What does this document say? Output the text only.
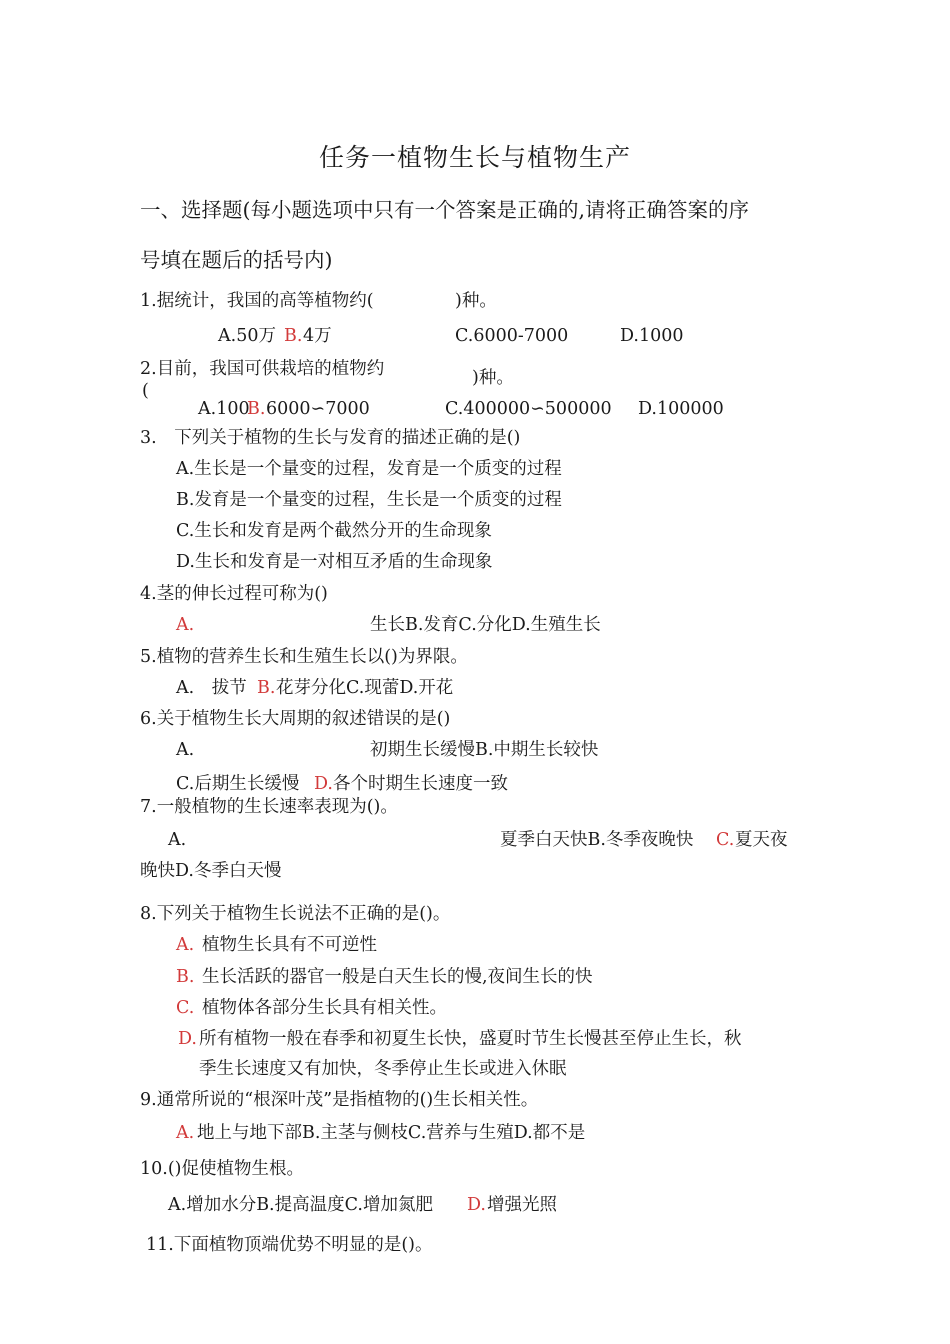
任务一植物生长与植物生产
一、选择题(每小题选项中只有一个答案是正确的,请将正确答案的序
号填在题后的括号内)
1.据统计，我国的高等植物约(	)种。
A.50万 B. 4万	C.6000-7000	D.1000
2.目前，我国可供栽培的植物约
(
)种。
A.100
B. 6000∽7000	C.400000∽500000 D.100000
3.　下列关于植物的生长与发育的描述正确的是()
A.生长是一个量变的过程，发育是一个质变的过程
B.发育是一个量变的过程，生长是一个质变的过程
C.生长和发育是两个截然分开的生命现象
D.生长和发育是一对相互矛盾的生命现象
4.茎的伸长过程可称为()
A.	生长B.发育C.分化D.生殖生长
5.植物的营养生长和生殖生长以()为界限。
A.　拔节 B. 花芽分化C.现蕾D.开花
6.关于植物生长大周期的叙述错误的是()
A.	初期生长缓慢B.中期生长较快
C.后期生长缓慢 D. 各个时期生长速度一致
7.一般植物的生长速率表现为()。
A.	夏季白天快B.冬季夜晚快 C. 夏天夜
晚快D.冬季白天慢
8.下列关于植物生长说法不正确的是()。
A. 植物生长具有不可逆性
B. 生长活跃的器官一般是白天生长的慢,夜间生长的快
C. 植物体各部分生长具有相关性。
D. 所有植物一般在春季和初夏生长快，盛夏时节生长慢甚至停止生长，秋
季生长速度又有加快，冬季停止生长或进入休眠
9.通常所说的“根深叶茂”是指植物的()生长相关性。
A. 地上与地下部B.主茎与侧枝C.营养与生殖D.都不是
10.()促使植物生根。
A.增加水分B.提高温度C.增加氮肥 D. 增强光照
11.下面植物顶端优势不明显的是()。
